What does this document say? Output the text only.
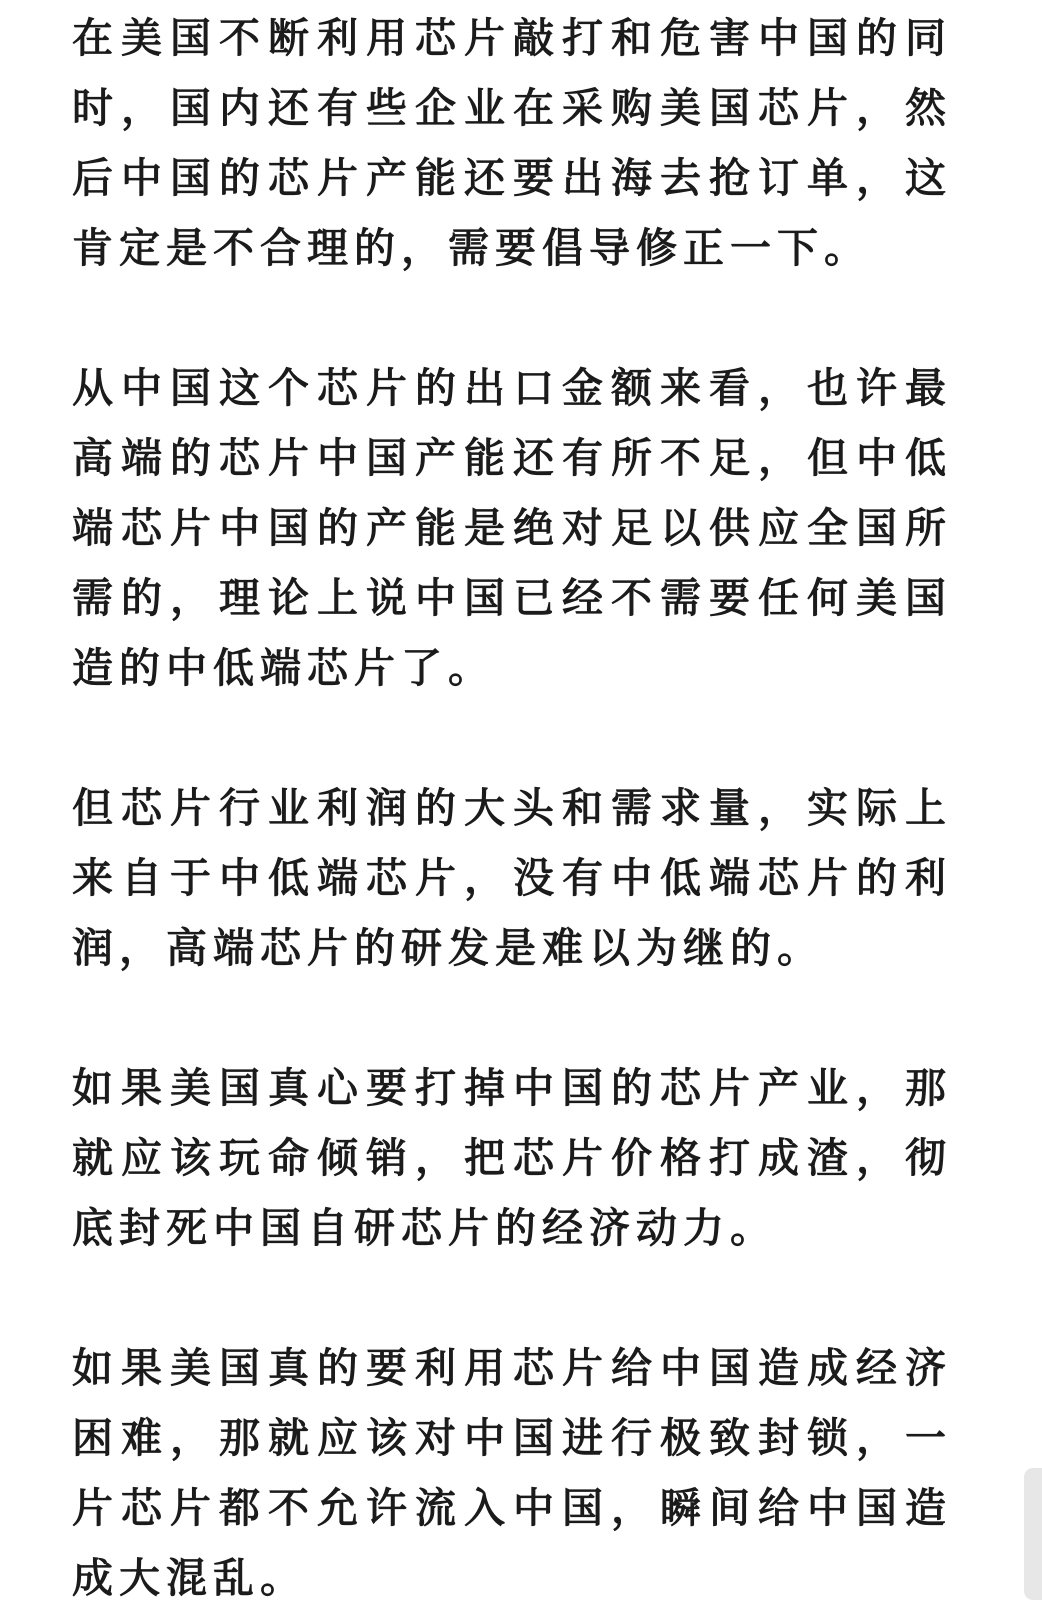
在美国不断利用芯片敲打和危害中国的同时，国内还有些企业在采购美国芯片，然后中国的芯片产能还要出海去抢订单，这肯定是不合理的，需要倡导修正一下。

从中国这个芯片的出口金额来看，也许最高端的芯片中国产能还有所不足，但中低端芯片中国的产能是绝对足以供应全国所需的，理论上说中国已经不需要任何美国造的中低端芯片了。

但芯片行业利润的大头和需求量，实际上来自于中低端芯片，没有中低端芯片的利润，高端芯片的研发是难以为继的。

如果美国真心要打掉中国的芯片产业，那就应该玩命倾销，把芯片价格打成渣，彻底封死中国自研芯片的经济动力。

如果美国真的要利用芯片给中国造成经济困难，那就应该对中国进行极致封锁，一片芯片都不允许流入中国，瞬间给中国造成大混乱。
